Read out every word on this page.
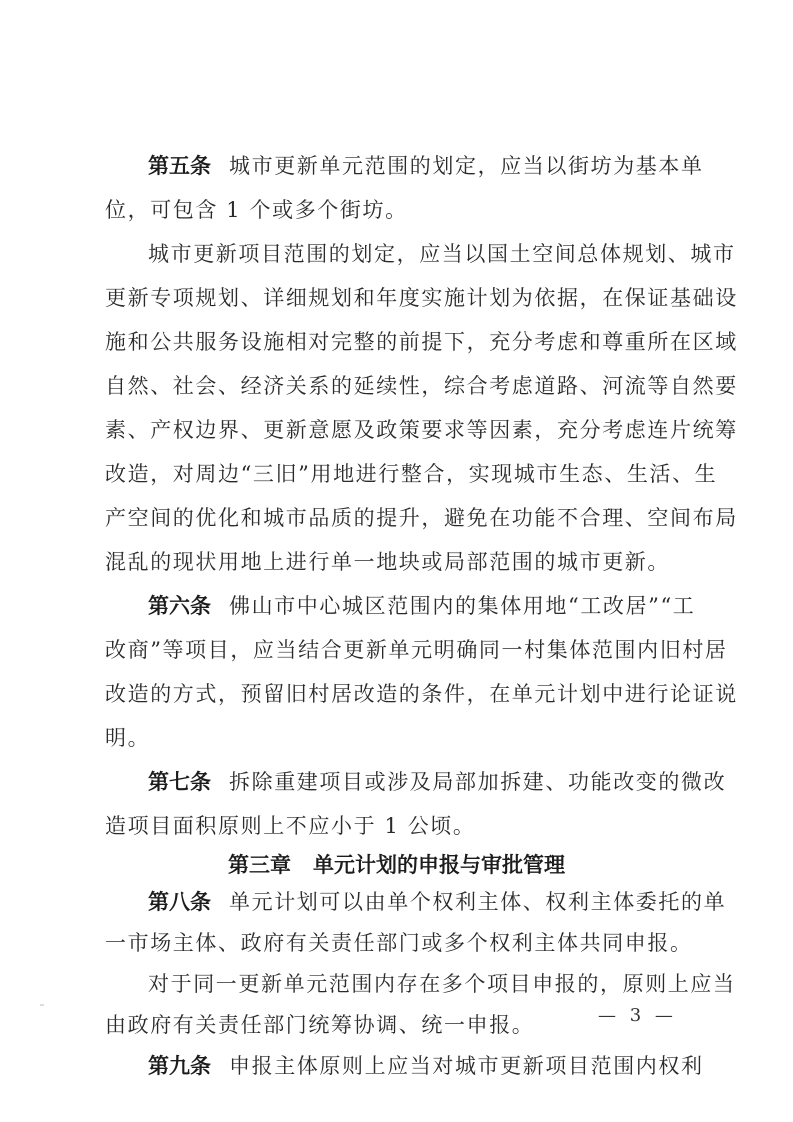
第五条 城市更新单元范围的划定，应当以街坊为基本单
位，可包含 1 个或多个街坊。
城市更新项目范围的划定，应当以国土空间总体规划、城市
更新专项规划、详细规划和年度实施计划为依据，在保证基础设
施和公共服务设施相对完整的前提下，充分考虑和尊重所在区域
自然、社会、经济关系的延续性，综合考虑道路、河流等自然要
素、产权边界、更新意愿及政策要求等因素，充分考虑连片统筹
改造，对周边“三旧”用地进行整合，实现城市生态、生活、生
产空间的优化和城市品质的提升，避免在功能不合理、空间布局
混乱的现状用地上进行单一地块或局部范围的城市更新。
第六条 佛山市中心城区范围内的集体用地“工改居”“工
改商”等项目，应当结合更新单元明确同一村集体范围内旧村居
改造的方式，预留旧村居改造的条件，在单元计划中进行论证说
明。
第七条 拆除重建项目或涉及局部加拆建、功能改变的微改
造项目面积原则上不应小于 1 公顷。
第三章 单元计划的申报与审批管理
第八条 单元计划可以由单个权利主体、权利主体委托的单
一市场主体、政府有关责任部门或多个权利主体共同申报。
对于同一更新单元范围内存在多个项目申报的，原则上应当
由政府有关责任部门统筹协调、统一申报。
第九条 申报主体原则上应当对城市更新项目范围内权利
— 3 —
